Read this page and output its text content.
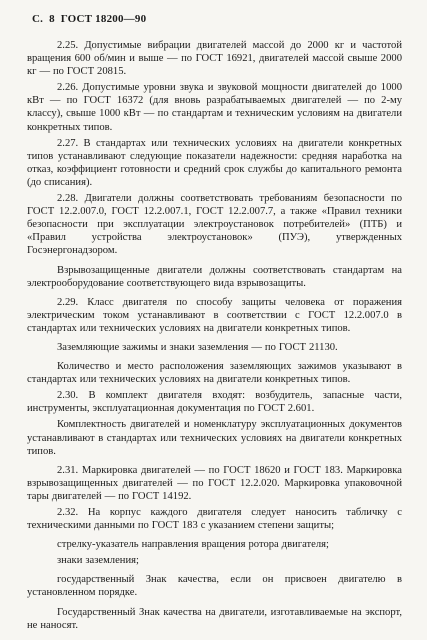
С. 8 ГОСТ 18200—90

2.25. Допустимые вибрации двигателей массой до 2000 кг и частотой вращения 600 об/мин и выше — по ГОСТ 16921, двигателей массой свыше 2000 кг — по ГОСТ 20815.

2.26. Допустимые уровни звука и звуковой мощности двигателей до 1000 кВт — по ГОСТ 16372 (для вновь разрабатываемых двигателей — по 2-му классу), свыше 1000 кВт — по стандартам и техническим условиям на двигатели конкретных типов.

2.27. В стандартах или технических условиях на двигатели конкретных типов устанавливают следующие показатели надежности: средняя наработка на отказ, коэффициент готовности и средний срок службы до капитального ремонта (до списания).

2.28. Двигатели должны соответствовать требованиям безопасности по ГОСТ 12.2.007.0, ГОСТ 12.2.007.1, ГОСТ 12.2.007.7, а также «Правил техники безопасности при эксплуатации электроустановок потребителей» (ПТБ) и «Правил устройства электроустановок» (ПУЭ), утвержденных Госэнергонадзором.

Взрывозащищенные двигатели должны соответствовать стандартам на электрооборудование соответствующего вида взрывозащиты.

2.29. Класс двигателя по способу защиты человека от поражения электрическим током устанавливают в соответствии с ГОСТ 12.2.007.0 в стандартах или технических условиях на двигатели конкретных типов.

Заземляющие зажимы и знаки заземления — по ГОСТ 21130.

Количество и место расположения заземляющих зажимов указывают в стандартах или технических условиях на двигатели конкретных типов.

2.30. В комплект двигателя входят: возбудитель, запасные части, инструменты, эксплуатационная документация по ГОСТ 2.601.

Комплектность двигателей и номенклатуру эксплуатационных документов устанавливают в стандартах или технических условиях на двигатели конкретных типов.

2.31. Маркировка двигателей — по ГОСТ 18620 и ГОСТ 183. Маркировка взрывозащищенных двигателей — по ГОСТ 12.2.020. Маркировка упаковочной тары двигателей — по ГОСТ 14192.

2.32. На корпус каждого двигателя следует наносить табличку с техническими данными по ГОСТ 183 с указанием степени защиты;

стрелку-указатель направления вращения ротора двигателя;

знаки заземления;

государственный Знак качества, если он присвоен двигателю в установленном порядке.

Государственный Знак качества на двигатели, изготавливаемые на экспорт, не наносят.
